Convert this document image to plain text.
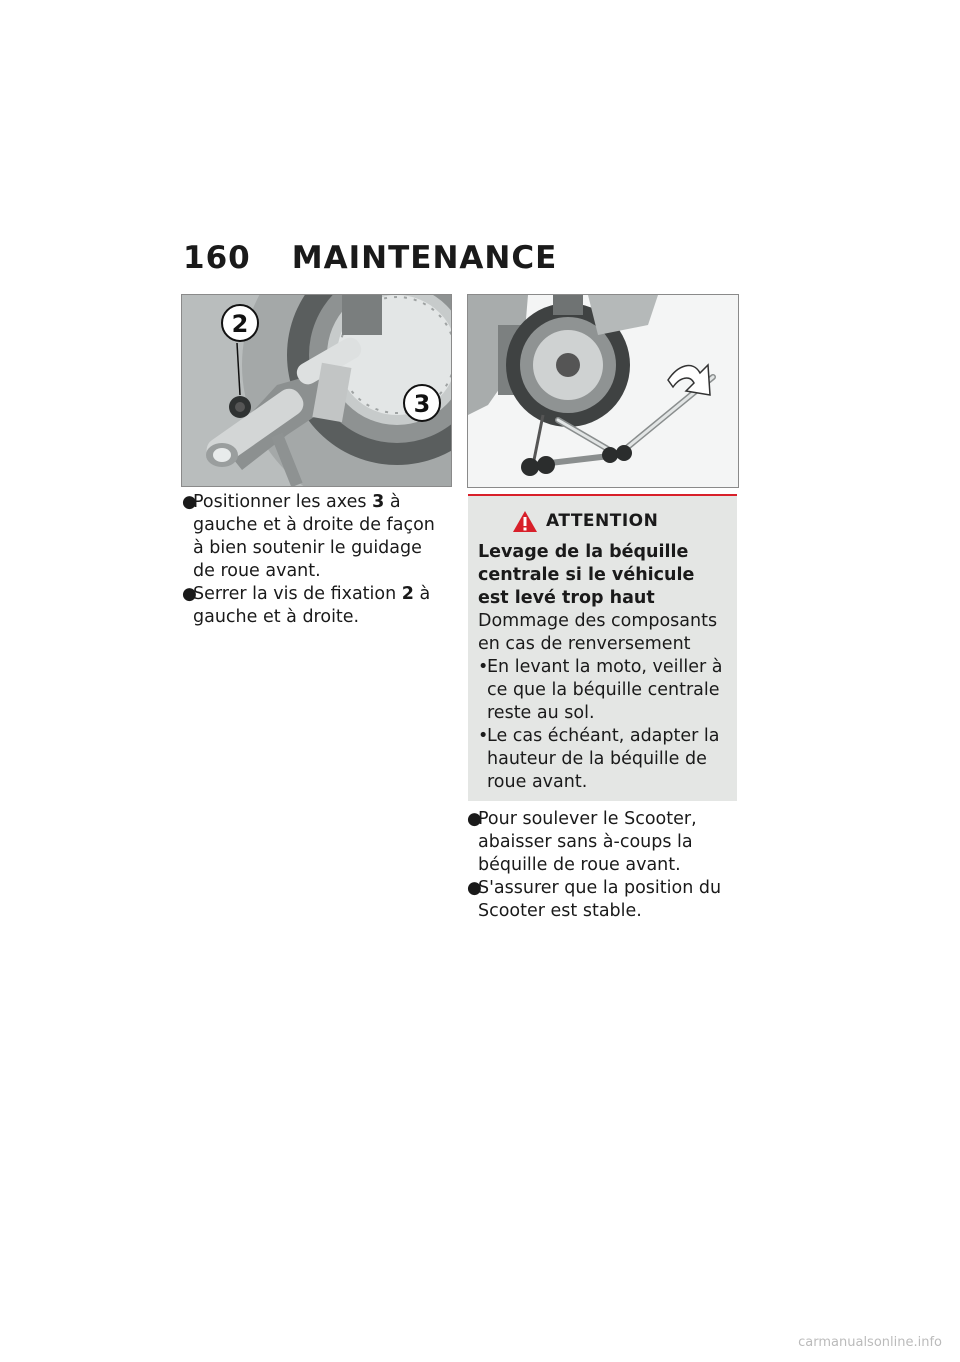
160 MAINTENANCE
2
3
●
Positionner les axes 3 à gauche et à droite de façon à bien soutenir le guidage de roue avant.
●
Serrer la vis de fixation 2 à gauche et à droite.
ATTENTION
Levage de la béquille centrale si le véhicule est levé trop haut
Dommage des composants en cas de renversement
•
En levant la moto, veiller à ce que la béquille centrale reste au sol.
•
Le cas échéant, adapter la hauteur de la béquille de roue avant.
●
Pour soulever le Scooter, abaisser sans à-coups la béquille de roue avant.
●
S'assurer que la position du Scooter est stable.
carmanualsonline.info
